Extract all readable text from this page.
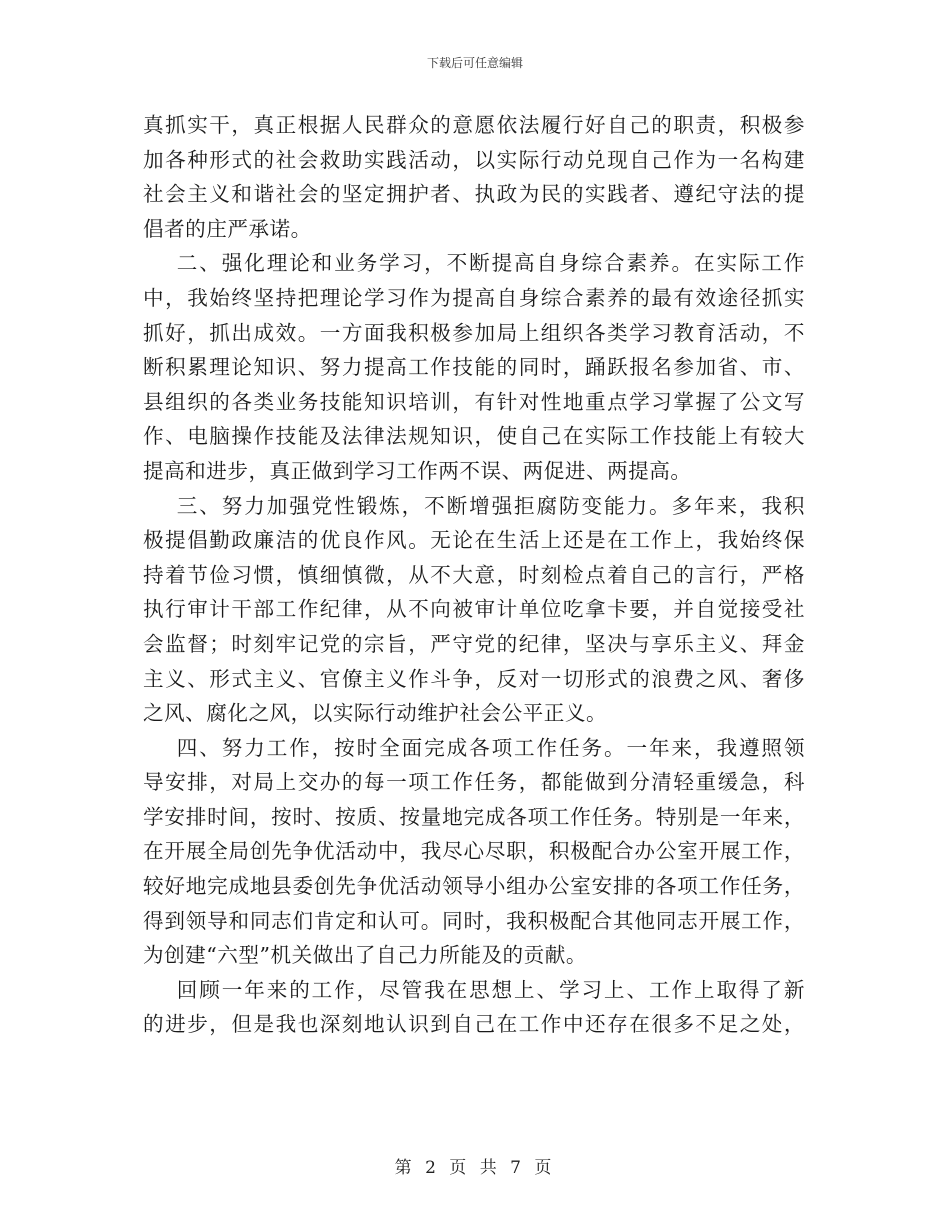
下载后可任意编辑
真抓实干，真正根据人民群众的意愿依法履行好自己的职责，积极参
加各种形式的社会救助实践活动，以实际行动兑现自己作为一名构建
社会主义和谐社会的坚定拥护者、执政为民的实践者、遵纪守法的提
倡者的庄严承诺。
二、强化理论和业务学习，不断提高自身综合素养。在实际工作
中，我始终坚持把理论学习作为提高自身综合素养的最有效途径抓实
抓好，抓出成效。一方面我积极参加局上组织各类学习教育活动，不
断积累理论知识、努力提高工作技能的同时，踊跃报名参加省、市、
县组织的各类业务技能知识培训，有针对性地重点学习掌握了公文写
作、电脑操作技能及法律法规知识，使自己在实际工作技能上有较大
提高和进步，真正做到学习工作两不误、两促进、两提高。
三、努力加强党性锻炼，不断增强拒腐防变能力。多年来，我积
极提倡勤政廉洁的优良作风。无论在生活上还是在工作上，我始终保
持着节俭习惯，慎细慎微，从不大意，时刻检点着自己的言行，严格
执行审计干部工作纪律，从不向被审计单位吃拿卡要，并自觉接受社
会监督；时刻牢记党的宗旨，严守党的纪律，坚决与享乐主义、拜金
主义、形式主义、官僚主义作斗争，反对一切形式的浪费之风、奢侈
之风、腐化之风，以实际行动维护社会公平正义。
四、努力工作，按时全面完成各项工作任务。一年来，我遵照领
导安排，对局上交办的每一项工作任务，都能做到分清轻重缓急，科
学安排时间，按时、按质、按量地完成各项工作任务。特别是一年来，
在开展全局创先争优活动中，我尽心尽职，积极配合办公室开展工作，
较好地完成地县委创先争优活动领导小组办公室安排的各项工作任务，
得到领导和同志们肯定和认可。同时，我积极配合其他同志开展工作，
为创建“六型”机关做出了自己力所能及的贡献。
回顾一年来的工作，尽管我在思想上、学习上、工作上取得了新
的进步，但是我也深刻地认识到自己在工作中还存在很多不足之处，
第 2 页 共 7 页
